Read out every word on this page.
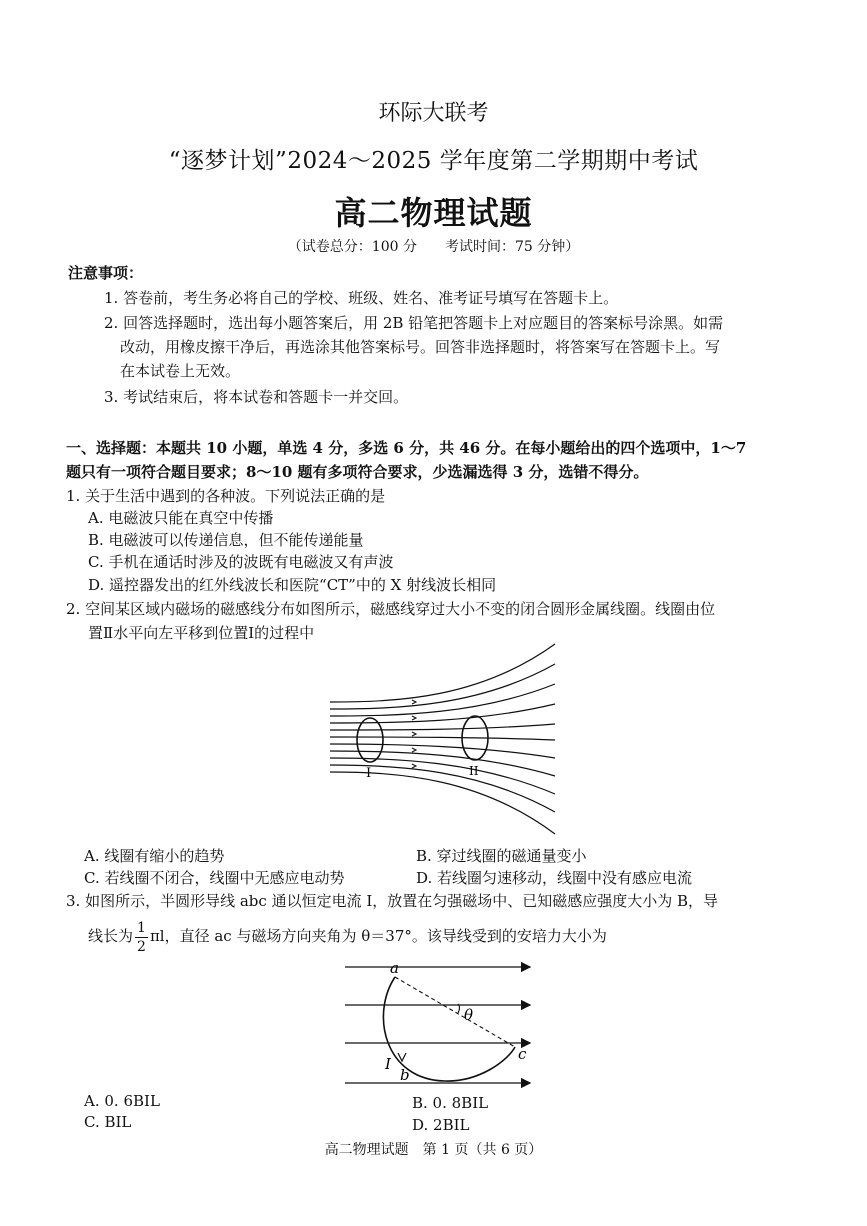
环际大联考
“逐梦计划”2024～2025 学年度第二学期期中考试
高二物理试题
（试卷总分：100 分　　考试时间：75 分钟）
注意事项：
1. 答卷前，考生务必将自己的学校、班级、姓名、准考证号填写在答题卡上。
2. 回答选择题时，选出每小题答案后，用 2B 铅笔把答题卡上对应题目的答案标号涂黑。如需
改动，用橡皮擦干净后，再选涂其他答案标号。回答非选择题时，将答案写在答题卡上。写
在本试卷上无效。
3. 考试结束后，将本试卷和答题卡一并交回。
一、选择题：本题共 10 小题，单选 4 分，多选 6 分，共 46 分。在每小题给出的四个选项中，1～7
题只有一项符合题目要求；8～10 题有多项符合要求，少选漏选得 3 分，选错不得分。
1. 关于生活中遇到的各种波。下列说法正确的是
A. 电磁波只能在真空中传播
B. 电磁波可以传递信息，但不能传递能量
C. 手机在通话时涉及的波既有电磁波又有声波
D. 遥控器发出的红外线波长和医院“CT”中的 X 射线波长相同
2. 空间某区域内磁场的磁感线分布如图所示，磁感线穿过大小不变的闭合圆形金属线圈。线圈由位
置Ⅱ水平向左平移到位置Ⅰ的过程中
I	II
A. 线圈有缩小的趋势	B. 穿过线圈的磁通量变小
C. 若线圈不闭合，线圈中无感应电动势	D. 若线圈匀速移动，线圈中没有感应电流
3. 如图所示，半圆形导线 abc 通以恒定电流 I，放置在匀强磁场中、已知磁感应强度大小为 B，导
线长为 $\frac{1}{2}$ πl，直径 ac 与磁场方向夹角为 θ＝37°。该导线受到的安培力大小为
a
b
c
I
θ
A. 0. 6BIL	B. 0. 8BIL
C. BIL	D. 2BIL
高二物理试题　第 1 页（共 6 页）
